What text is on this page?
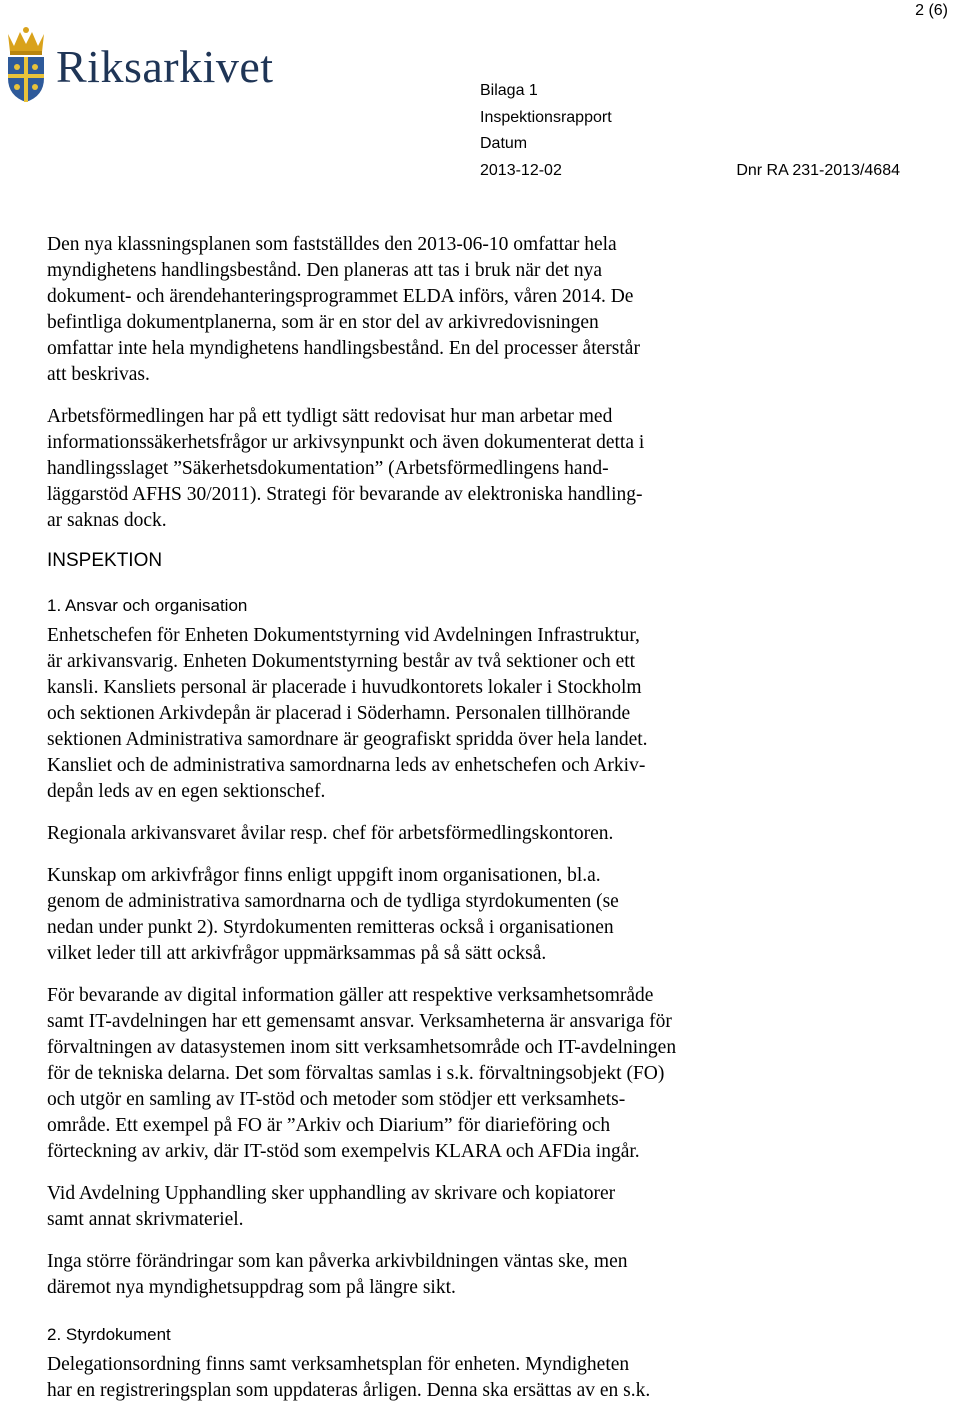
2 (6)
Riksarkivet	Bilaga 1
Inspektionsrapport
Datum
2013-12-02	Dnr RA 231-2013/4684

Den nya klassningsplanen som fastställdes den 2013-06-10 omfattar hela
myndighetens handlingsbestånd. Den planeras att tas i bruk när det nya
dokument- och ärendehanteringsprogrammet ELDA införs, våren 2014. De
befintliga dokumentplanerna, som är en stor del av arkivredovisningen
omfattar inte hela myndighetens handlingsbestånd. En del processer återstår
att beskrivas.

Arbetsförmedlingen har på ett tydligt sätt redovisat hur man arbetar med
informationssäkerhetsfrågor ur arkivsynpunkt och även dokumenterat detta i
handlingsslaget ”Säkerhetsdokumentation” (Arbetsförmedlingens hand-
läggarstöd AFHS 30/2011). Strategi för bevarande av elektroniska handling-
ar saknas dock.

INSPEKTION

1. Ansvar och organisation

Enhetschefen för Enheten Dokumentstyrning vid Avdelningen Infrastruktur,
är arkivansvarig. Enheten Dokumentstyrning består av två sektioner och ett
kansli. Kansliets personal är placerade i huvudkontorets lokaler i Stockholm
och sektionen Arkivdepån är placerad i Söderhamn. Personalen tillhörande
sektionen Administrativa samordnare är geografiskt spridda över hela landet.
Kansliet och de administrativa samordnarna leds av enhetschefen och Arkiv-
depån leds av en egen sektionschef.

Regionala arkivansvaret åvilar resp. chef för arbetsförmedlingskontoren.

Kunskap om arkivfrågor finns enligt uppgift inom organisationen, bl.a.
genom de administrativa samordnarna och de tydliga styrdokumenten (se
nedan under punkt 2). Styrdokumenten remitteras också i organisationen
vilket leder till att arkivfrågor uppmärksammas på så sätt också.

För bevarande av digital information gäller att respektive verksamhetsområde
samt IT-avdelningen har ett gemensamt ansvar. Verksamheterna är ansvariga för
förvaltningen av datasystemen inom sitt verksamhetsområde och IT-avdelningen
för de tekniska delarna. Det som förvaltas samlas i s.k. förvaltningsobjekt (FO)
och utgör en samling av IT-stöd och metoder som stödjer ett verksamhets-
område. Ett exempel på FO är ”Arkiv och Diarium” för diarieföring och
förteckning av arkiv, där IT-stöd som exempelvis KLARA och AFDia ingår.

Vid Avdelning Upphandling sker upphandling av skrivare och kopiatorer
samt annat skrivmateriel.

Inga större förändringar som kan påverka arkivbildningen väntas ske, men
däremot nya myndighetsuppdrag som på längre sikt.

2. Styrdokument

Delegationsordning finns samt verksamhetsplan för enheten. Myndigheten
har en registreringsplan som uppdateras årligen. Denna ska ersättas av en s.k.
